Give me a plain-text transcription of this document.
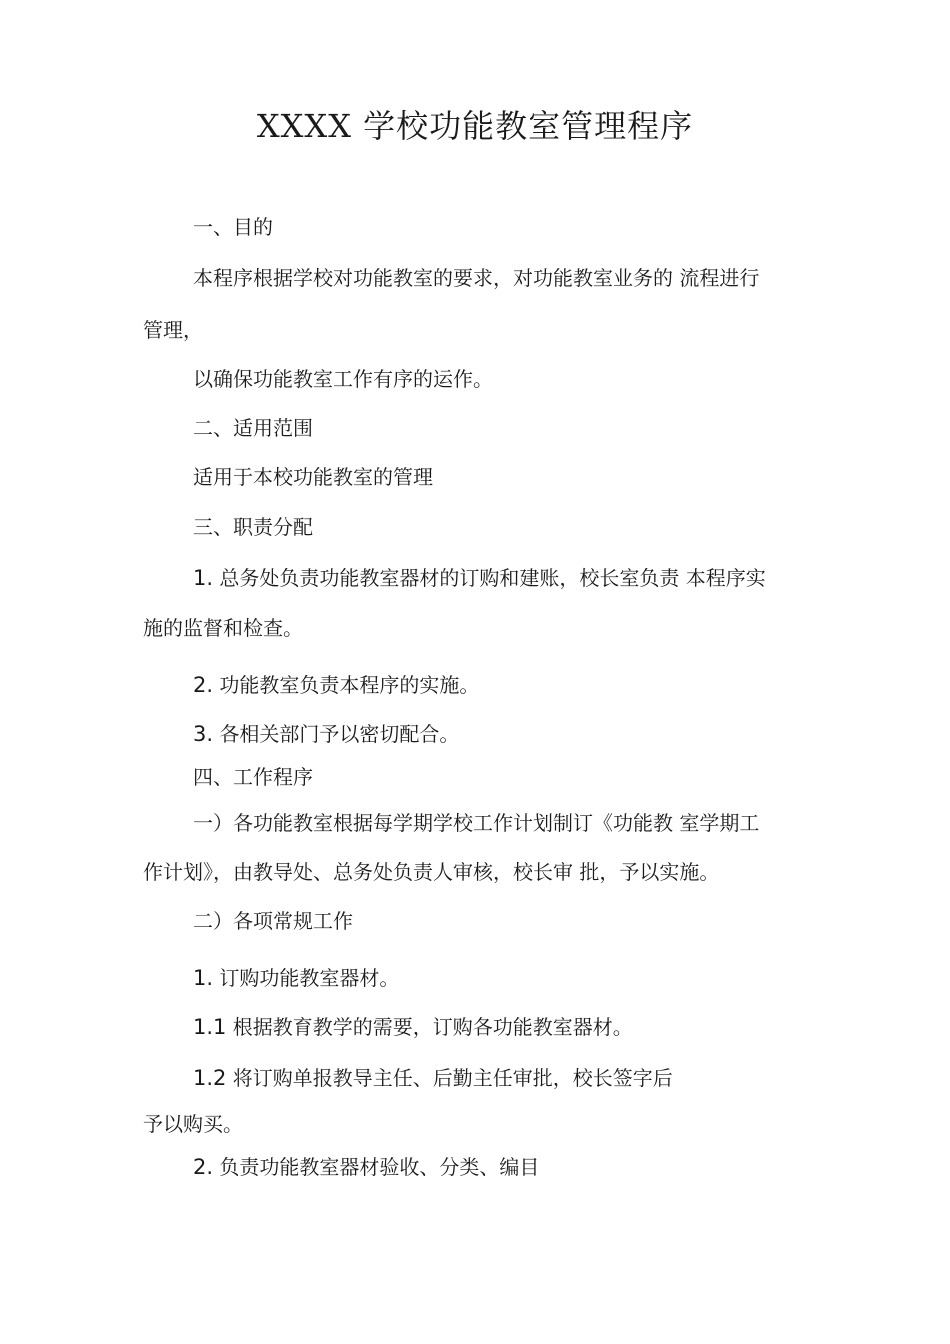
XXXX 学校功能教室管理程序
一、目的
本程序根据学校对功能教室的要求，对功能教室业务的 流程进行
管理，
以确保功能教室工作有序的运作。
二、适用范围
适用于本校功能教室的管理
三、职责分配
1. 总务处负责功能教室器材的订购和建账，校长室负责 本程序实
施的监督和检查。
2. 功能教室负责本程序的实施。
3. 各相关部门予以密切配合。
四、工作程序
一）各功能教室根据每学期学校工作计划制订《功能教 室学期工
作计划》，由教导处、总务处负责人审核，校长审 批，予以实施。
二）各项常规工作
1. 订购功能教室器材。
1.1 根据教育教学的需要，订购各功能教室器材。
1.2 将订购单报教导主任、后勤主任审批，校长签字后
予以购买。
2. 负责功能教室器材验收、分类、编目
